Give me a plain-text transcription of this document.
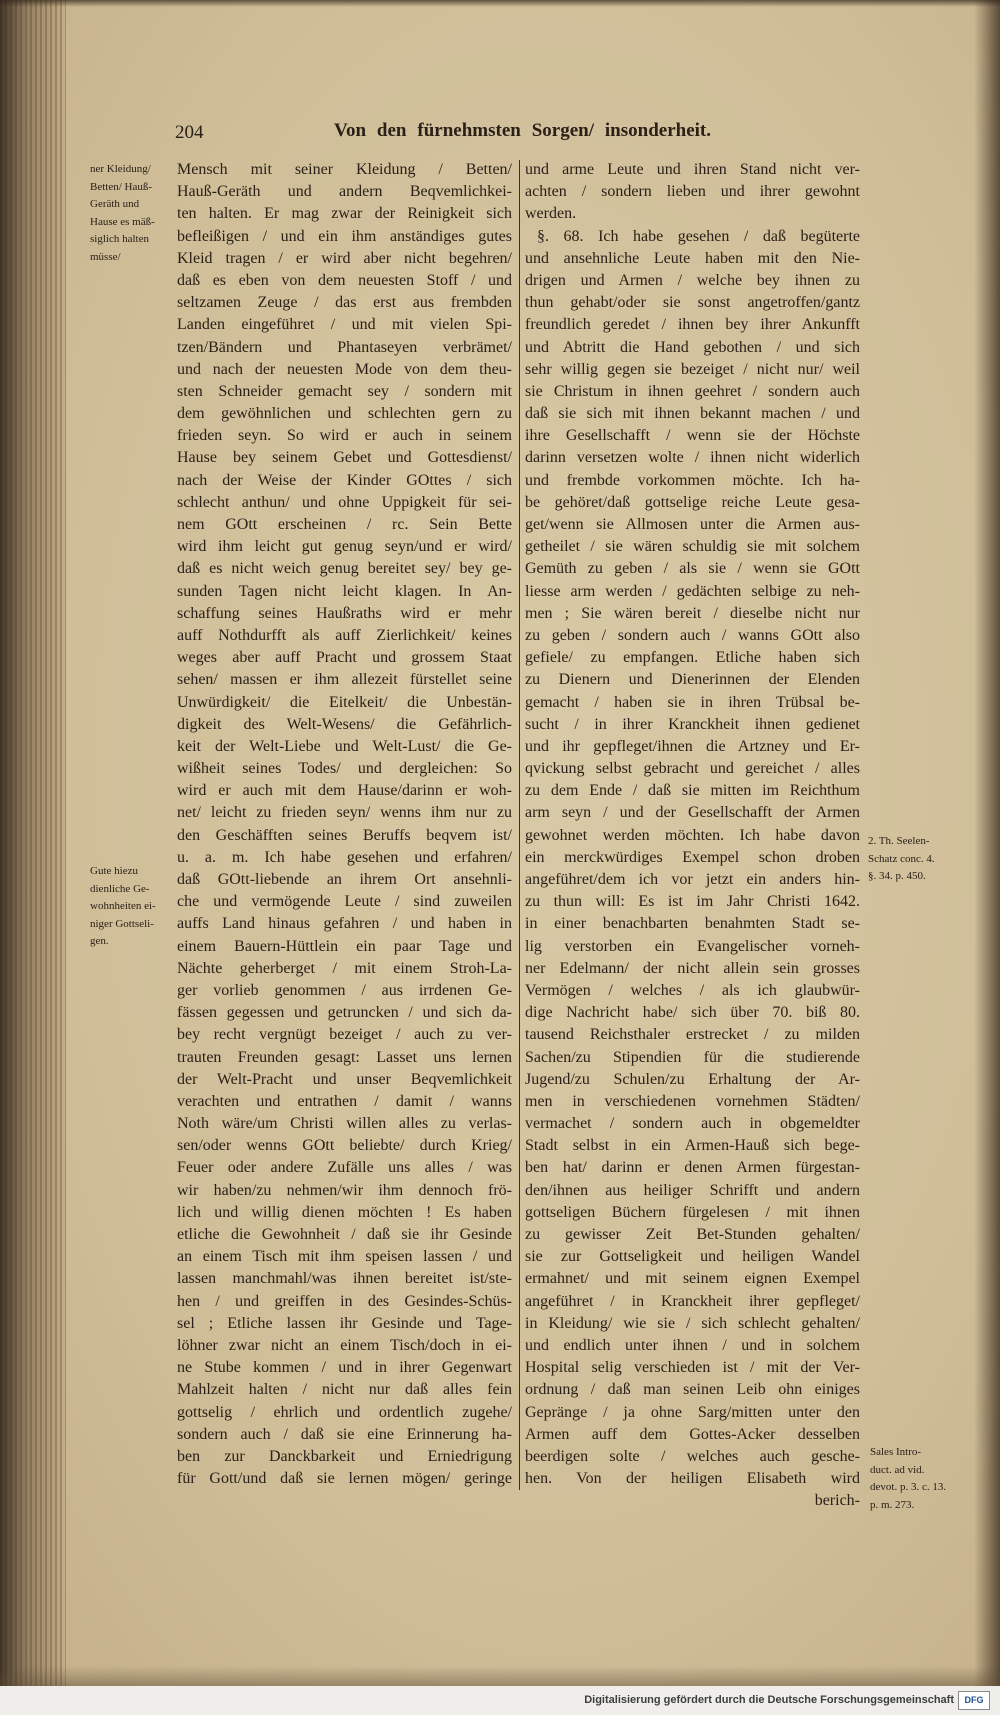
204	Von den fürnehmsten Sorgen/ insonderheit.
ner Kleidung/
Betten/ Hauß-
Geräth und
Hause es mäß-
siglich halten
müsse/
Gute hiezu
dienliche Ge-
wohnheiten ei-
niger Gottseli-
gen.
Mensch mit seiner Kleidung / Betten/
Hauß-Geräth und andern Beqvemlichkei-
ten halten. Er mag zwar der Reinigkeit sich
befleißigen / und ein ihm anständiges gutes
Kleid tragen / er wird aber nicht begehren/
daß es eben von dem neuesten Stoff / und
seltzamen Zeuge / das erst aus frembden
Landen eingeführet / und mit vielen Spi-
tzen/Bändern und Phantaseyen verbrämet/
und nach der neuesten Mode von dem theu-
sten Schneider gemacht sey / sondern mit
dem gewöhnlichen und schlechten gern zu
frieden seyn. So wird er auch in seinem
Hause bey seinem Gebet und Gottesdienst/
nach der Weise der Kinder GOttes / sich
schlecht anthun/ und ohne Uppigkeit für sei-
nem GOtt erscheinen / rc. Sein Bette
wird ihm leicht gut genug seyn/und er wird/
daß es nicht weich genug bereitet sey/ bey ge-
sunden Tagen nicht leicht klagen. In An-
schaffung seines Haußraths wird er mehr
auff Nothdurfft als auff Zierlichkeit/ keines
weges aber auff Pracht und grossem Staat
sehen/ massen er ihm allezeit fürstellet seine
Unwürdigkeit/ die Eitelkeit/ die Unbestän-
digkeit des Welt-Wesens/ die Gefährlich-
keit der Welt-Liebe und Welt-Lust/ die Ge-
wißheit seines Todes/ und dergleichen: So
wird er auch mit dem Hause/darinn er woh-
net/ leicht zu frieden seyn/ wenns ihm nur zu
den Geschäfften seines Beruffs beqvem ist/
u. a. m. Ich habe gesehen und erfahren/
daß GOtt-liebende an ihrem Ort ansehnli-
che und vermögende Leute / sind zuweilen
auffs Land hinaus gefahren / und haben in
einem Bauern-Hüttlein ein paar Tage und
Nächte geherberget / mit einem Stroh-La-
ger vorlieb genommen / aus irrdenen Ge-
fässen gegessen und getruncken / und sich da-
bey recht vergnügt bezeiget / auch zu ver-
trauten Freunden gesagt: Lasset uns lernen
der Welt-Pracht und unser Beqvemlichkeit
verachten und entrathen / damit / wanns
Noth wäre/um Christi willen alles zu verlas-
sen/oder wenns GOtt beliebte/ durch Krieg/
Feuer oder andere Zufälle uns alles / was
wir haben/zu nehmen/wir ihm dennoch frö-
lich und willig dienen möchten ! Es haben
etliche die Gewohnheit / daß sie ihr Gesinde
an einem Tisch mit ihm speisen lassen / und
lassen manchmahl/was ihnen bereitet ist/ste-
hen / und greiffen in des Gesindes-Schüs-
sel ; Etliche lassen ihr Gesinde und Tage-
löhner zwar nicht an einem Tisch/doch in ei-
ne Stube kommen / und in ihrer Gegenwart
Mahlzeit halten / nicht nur daß alles fein
gottselig / ehrlich und ordentlich zugehe/
sondern auch / daß sie eine Erinnerung ha-
ben zur Danckbarkeit und Erniedrigung
für Gott/und daß sie lernen mögen/ geringe
und arme Leute und ihren Stand nicht ver-
achten / sondern lieben und ihrer gewohnt
werden.
§. 68. Ich habe gesehen / daß begüterte
und ansehnliche Leute haben mit den Nie-
drigen und Armen / welche bey ihnen zu
thun gehabt/oder sie sonst angetroffen/gantz
freundlich geredet / ihnen bey ihrer Ankunfft
und Abtritt die Hand gebothen / und sich
sehr willig gegen sie bezeiget / nicht nur/ weil
sie Christum in ihnen geehret / sondern auch
daß sie sich mit ihnen bekannt machen / und
ihre Gesellschafft / wenn sie der Höchste
darinn versetzen wolte / ihnen nicht widerlich
und frembde vorkommen möchte. Ich ha-
be gehöret/daß gottselige reiche Leute gesa-
get/wenn sie Allmosen unter die Armen aus-
getheilet / sie wären schuldig sie mit solchem
Gemüth zu geben / als sie / wenn sie GOtt
liesse arm werden / gedächten selbige zu neh-
men ; Sie wären bereit / dieselbe nicht nur
zu geben / sondern auch / wanns GOtt also
gefiele/ zu empfangen. Etliche haben sich
zu Dienern und Dienerinnen der Elenden
gemacht / haben sie in ihren Trübsal be-
sucht / in ihrer Kranckheit ihnen gedienet
und ihr gepfleget/ihnen die Artzney und Er-
qvickung selbst gebracht und gereichet / alles
zu dem Ende / daß sie mitten im Reichthum
arm seyn / und der Gesellschafft der Armen
gewohnet werden möchten. Ich habe davon
ein merckwürdiges Exempel schon droben
angeführet/dem ich vor jetzt ein anders hin-
zu thun will: Es ist im Jahr Christi 1642.
in einer benachbarten benahmten Stadt se-
lig verstorben ein Evangelischer vorneh-
ner Edelmann/ der nicht allein sein grosses
Vermögen / welches / als ich glaubwür-
dige Nachricht habe/ sich über 70. biß 80.
tausend Reichsthaler erstrecket / zu milden
Sachen/zu Stipendien für die studierende
Jugend/zu Schulen/zu Erhaltung der Ar-
men in verschiedenen vornehmen Städten/
vermachet / sondern auch in obgemeldter
Stadt selbst in ein Armen-Hauß sich bege-
ben hat/ darinn er denen Armen fürgestan-
den/ihnen aus heiliger Schrifft und andern
gottseligen Büchern fürgelesen / mit ihnen
zu gewisser Zeit Bet-Stunden gehalten/
sie zur Gottseligkeit und heiligen Wandel
ermahnet/ und mit seinem eignen Exempel
angeführet / in Kranckheit ihrer gepfleget/
in Kleidung/ wie sie / sich schlecht gehalten/
und endlich unter ihnen / und in solchem
Hospital selig verschieden ist / mit der Ver-
ordnung / daß man seinen Leib ohn einiges
Gepränge / ja ohne Sarg/mitten unter den
Armen auff dem Gottes-Acker desselben
beerdigen solte / welches auch gesche-
hen. Von der heiligen Elisabeth wird
berich-
2. Th. Seelen-
Schatz conc. 4.
§. 34. p. 450.
Sales Intro-
duct. ad vid.
devot. p. 3. c. 13.
p. m. 273.
Digitalisierung gefördert durch die Deutsche Forschungsgemeinschaft	DFG
